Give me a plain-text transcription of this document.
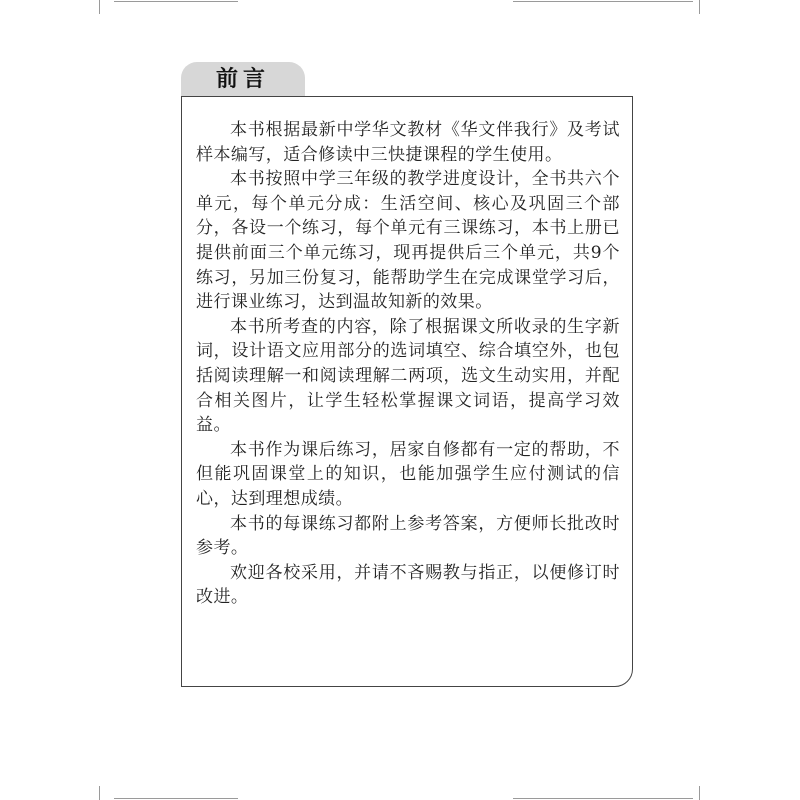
前言

本书根据最新中学华文教材《华文伴我行》及考试样本编写，适合修读中三快捷课程的学生使用。

本书按照中学三年级的教学进度设计，全书共六个单元，每个单元分成：生活空间、核心及巩固三个部分，各设一个练习，每个单元有三课练习，本书上册已提供前面三个单元练习，现再提供后三个单元，共9个练习，另加三份复习，能帮助学生在完成课堂学习后，进行课业练习，达到温故知新的效果。

本书所考查的内容，除了根据课文所收录的生字新词，设计语文应用部分的选词填空、综合填空外，也包括阅读理解一和阅读理解二两项，选文生动实用，并配合相关图片，让学生轻松掌握课文词语，提高学习效益。

本书作为课后练习，居家自修都有一定的帮助，不但能巩固课堂上的知识，也能加强学生应付测试的信心，达到理想成绩。

本书的每课练习都附上参考答案，方便师长批改时参考。

欢迎各校采用，并请不吝赐教与指正，以便修订时改进。
